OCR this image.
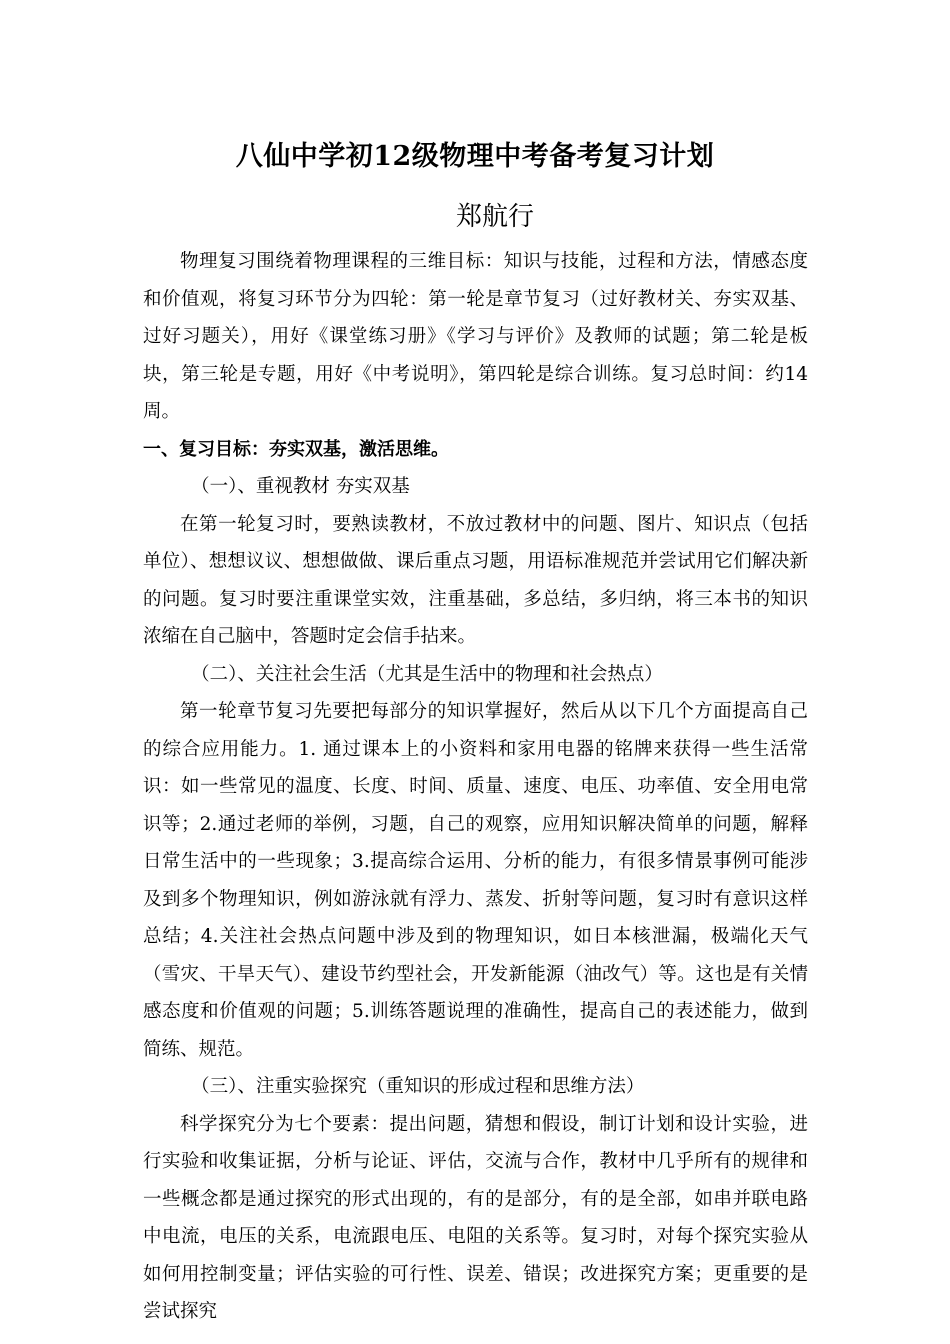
八仙中学初12级物理中考备考复习计划
郑航行

物理复习围绕着物理课程的三维目标：知识与技能，过程和方法，情感态度和价值观，将复习环节分为四轮：第一轮是章节复习（过好教材关、夯实双基、过好习题关），用好《课堂练习册》《学习与评价》及教师的试题；第二轮是板块，第三轮是专题，用好《中考说明》，第四轮是综合训练。复习总时间：约14周。

一、复习目标：夯实双基，激活思维。

（一）、重视教材 夯实双基

在第一轮复习时，要熟读教材，不放过教材中的问题、图片、知识点（包括单位）、想想议议、想想做做、课后重点习题，用语标准规范并尝试用它们解决新的问题。复习时要注重课堂实效，注重基础，多总结，多归纳，将三本书的知识浓缩在自己脑中，答题时定会信手拈来。

（二）、关注社会生活（尤其是生活中的物理和社会热点）

第一轮章节复习先要把每部分的知识掌握好，然后从以下几个方面提高自己的综合应用能力。1. 通过课本上的小资料和家用电器的铭牌来获得一些生活常识：如一些常见的温度、长度、时间、质量、速度、电压、功率值、安全用电常识等；2.通过老师的举例，习题，自己的观察，应用知识解决简单的问题，解释日常生活中的一些现象；3.提高综合运用、分析的能力，有很多情景事例可能涉及到多个物理知识，例如游泳就有浮力、蒸发、折射等问题，复习时有意识这样总结；4.关注社会热点问题中涉及到的物理知识，如日本核泄漏，极端化天气（雪灾、干旱天气）、建设节约型社会，开发新能源（油改气）等。这也是有关情感态度和价值观的问题；5.训练答题说理的准确性，提高自己的表述能力，做到简练、规范。

（三）、注重实验探究（重知识的形成过程和思维方法）

科学探究分为七个要素：提出问题，猜想和假设，制订计划和设计实验，进行实验和收集证据，分析与论证、评估，交流与合作，教材中几乎所有的规律和一些概念都是通过探究的形式出现的，有的是部分，有的是全部，如串并联电路中电流，电压的关系，电流跟电压、电阻的关系等。复习时，对每个探究实验从如何用控制变量；评估实验的可行性、误差、错误；改进探究方案；更重要的是尝试探究
